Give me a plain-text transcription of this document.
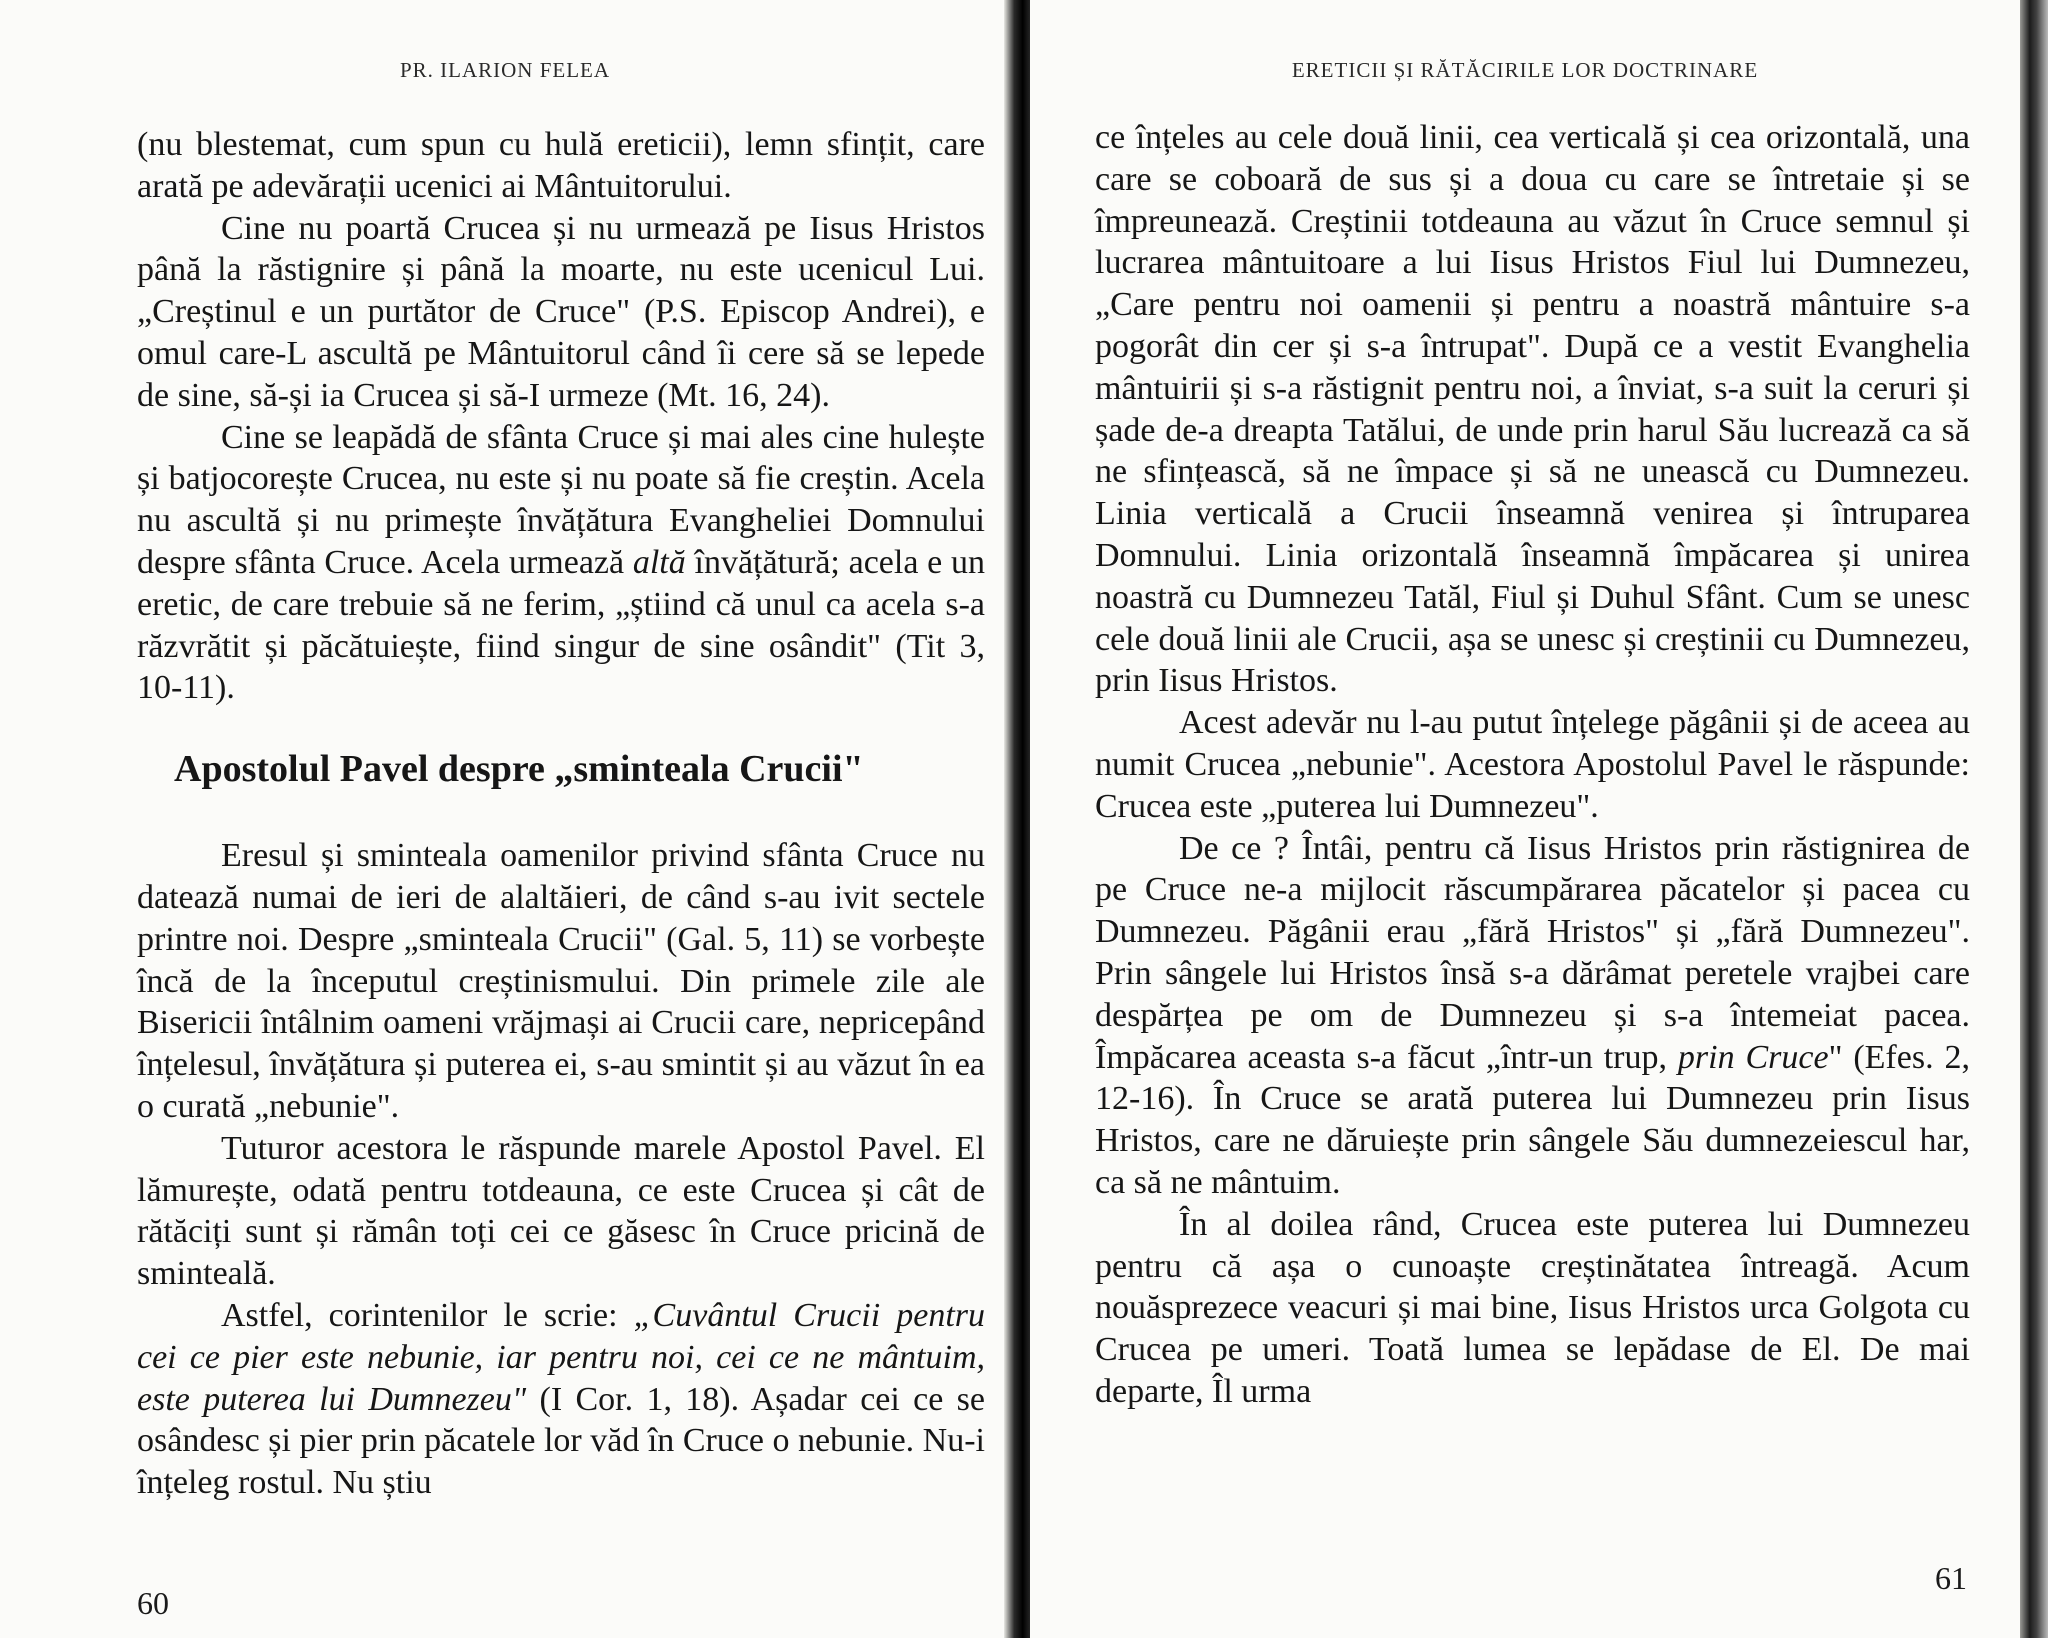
PR. ILARION FELEA

(nu blestemat, cum spun cu hulă ereticii), lemn sfințit, care arată pe adevărații ucenici ai Mântuitorului.

Cine nu poartă Crucea și nu urmează pe Iisus Hristos până la răstignire și până la moarte, nu este ucenicul Lui. „Creștinul e un purtător de Cruce" (P.S. Episcop Andrei), e omul care-L ascultă pe Mântuitorul când îi cere să se lepede de sine, să-și ia Crucea și să-I urmeze (Mt. 16, 24).

Cine se leapădă de sfânta Cruce și mai ales cine hulește și batjocorește Crucea, nu este și nu poate să fie creștin. Acela nu ascultă și nu primește învățătura Evangheliei Domnului despre sfânta Cruce. Acela urmează altă învățătură; acela e un eretic, de care trebuie să ne ferim, „știind că unul ca acela s-a răzvrătit și păcătuiește, fiind singur de sine osândit" (Tit 3, 10-11).

Apostolul Pavel despre „sminteala Crucii"

Eresul și sminteala oamenilor privind sfânta Cruce nu datează numai de ieri de alaltăieri, de când s-au ivit sectele printre noi. Despre „sminteala Crucii" (Gal. 5, 11) se vorbește încă de la începutul creștinismului. Din primele zile ale Bisericii întâlnim oameni vrăjmași ai Crucii care, nepricepând înțelesul, învățătura și puterea ei, s-au smintit și au văzut în ea o curată „nebunie".

Tuturor acestora le răspunde marele Apostol Pavel. El lămurește, odată pentru totdeauna, ce este Crucea și cât de rătăciți sunt și rămân toți cei ce găsesc în Cruce pricină de sminteală.

Astfel, corintenilor le scrie: „Cuvântul Crucii pentru cei ce pier este nebunie, iar pentru noi, cei ce ne mântuim, este puterea lui Dumnezeu" (I Cor. 1, 18). Așadar cei ce se osândesc și pier prin păcatele lor văd în Cruce o nebunie. Nu-i înțeleg rostul. Nu știu

60
ERETICII ȘI RĂTĂCIRILE LOR DOCTRINARE

ce înțeles au cele două linii, cea verticală și cea orizontală, una care se coboară de sus și a doua cu care se întretaie și se împreunează. Creștinii totdeauna au văzut în Cruce semnul și lucrarea mântuitoare a lui Iisus Hristos Fiul lui Dumnezeu, „Care pentru noi oamenii și pentru a noastră mântuire s-a pogorât din cer și s-a întrupat". După ce a vestit Evanghelia mântuirii și s-a răstignit pentru noi, a înviat, s-a suit la ceruri și șade de-a dreapta Tatălui, de unde prin harul Său lucrează ca să ne sfințească, să ne împace și să ne unească cu Dumnezeu. Linia verticală a Crucii înseamnă venirea și întruparea Domnului. Linia orizontală înseamnă împăcarea și unirea noastră cu Dumnezeu Tatăl, Fiul și Duhul Sfânt. Cum se unesc cele două linii ale Crucii, așa se unesc și creștinii cu Dumnezeu, prin Iisus Hristos.

Acest adevăr nu l-au putut înțelege păgânii și de aceea au numit Crucea „nebunie". Acestora Apostolul Pavel le răspunde: Crucea este „puterea lui Dumnezeu".

De ce ? Întâi, pentru că Iisus Hristos prin răstignirea de pe Cruce ne-a mijlocit răscumpărarea păcatelor și pacea cu Dumnezeu. Păgânii erau „fără Hristos" și „fără Dumnezeu". Prin sângele lui Hristos însă s-a dărâmat peretele vrajbei care despărțea pe om de Dumnezeu și s-a întemeiat pacea. Împăcarea aceasta s-a făcut „într-un trup, prin Cruce" (Efes. 2, 12-16). În Cruce se arată puterea lui Dumnezeu prin Iisus Hristos, care ne dăruiește prin sângele Său dumnezeiescul har, ca să ne mântuim.

În al doilea rând, Crucea este puterea lui Dumnezeu pentru că așa o cunoaște creștinătatea întreagă. Acum nouăsprezece veacuri și mai bine, Iisus Hristos urca Golgota cu Crucea pe umeri. Toată lumea se lepădase de El. De mai departe, Îl urma

61
